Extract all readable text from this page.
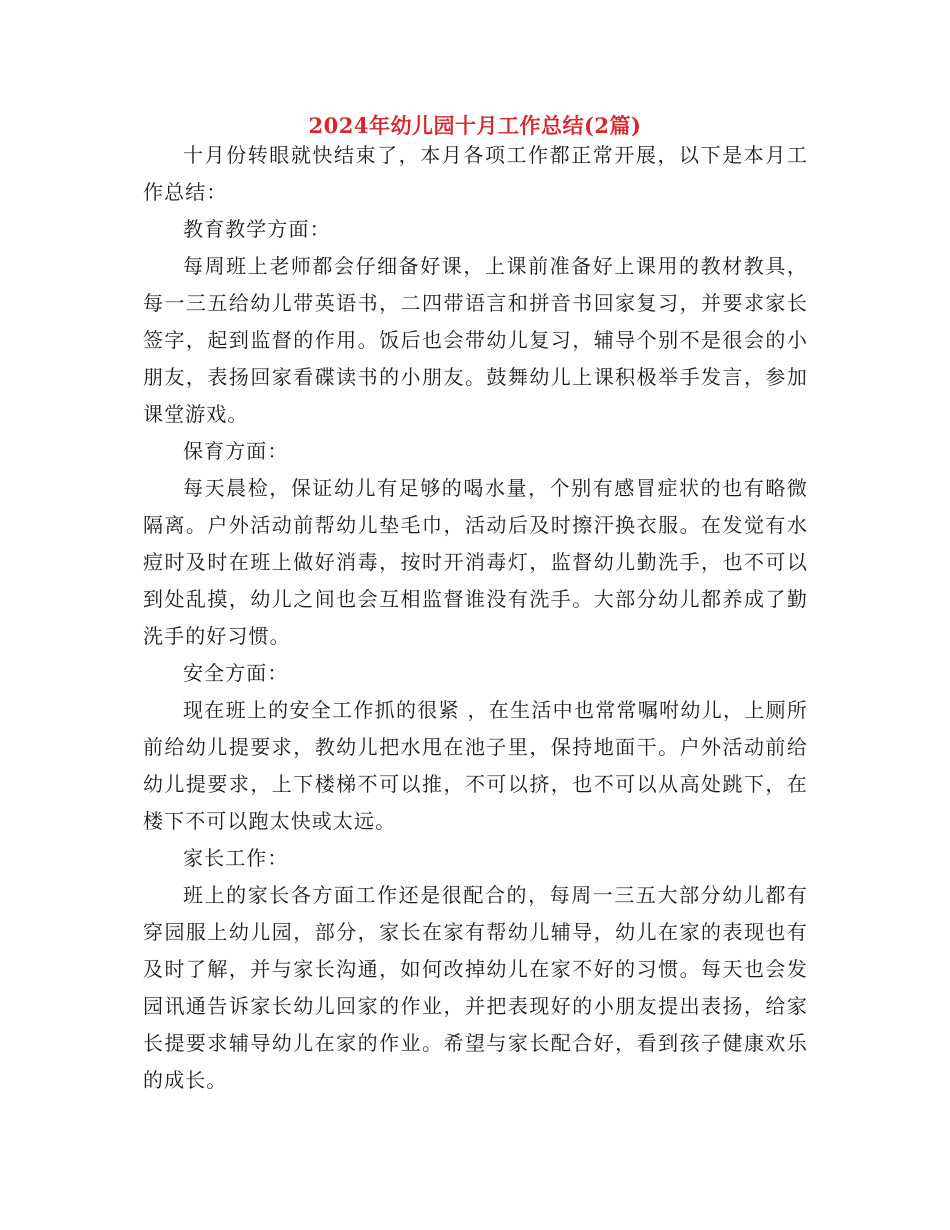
2024年幼儿园十月工作总结(2篇)

十月份转眼就快结束了，本月各项工作都正常开展，以下是本月工作总结：

教育教学方面：

每周班上老师都会仔细备好课，上课前准备好上课用的教材教具，每一三五给幼儿带英语书，二四带语言和拼音书回家复习，并要求家长签字，起到监督的作用。饭后也会带幼儿复习，辅导个别不是很会的小朋友，表扬回家看碟读书的小朋友。鼓舞幼儿上课积极举手发言，参加课堂游戏。

保育方面：

每天晨检，保证幼儿有足够的喝水量，个别有感冒症状的也有略微隔离。户外活动前帮幼儿垫毛巾，活动后及时擦汗换衣服。在发觉有水痘时及时在班上做好消毒，按时开消毒灯，监督幼儿勤洗手，也不可以到处乱摸，幼儿之间也会互相监督谁没有洗手。大部分幼儿都养成了勤洗手的好习惯。

安全方面：

现在班上的安全工作抓的很紧 ，在生活中也常常嘱咐幼儿，上厕所前给幼儿提要求，教幼儿把水甩在池子里，保持地面干。户外活动前给幼儿提要求，上下楼梯不可以推，不可以挤，也不可以从高处跳下，在楼下不可以跑太快或太远。

家长工作：

班上的家长各方面工作还是很配合的，每周一三五大部分幼儿都有穿园服上幼儿园，部分，家长在家有帮幼儿辅导，幼儿在家的表现也有及时了解，并与家长沟通，如何改掉幼儿在家不好的习惯。每天也会发园讯通告诉家长幼儿回家的作业，并把表现好的小朋友提出表扬，给家长提要求辅导幼儿在家的作业。希望与家长配合好，看到孩子健康欢乐的成长。
